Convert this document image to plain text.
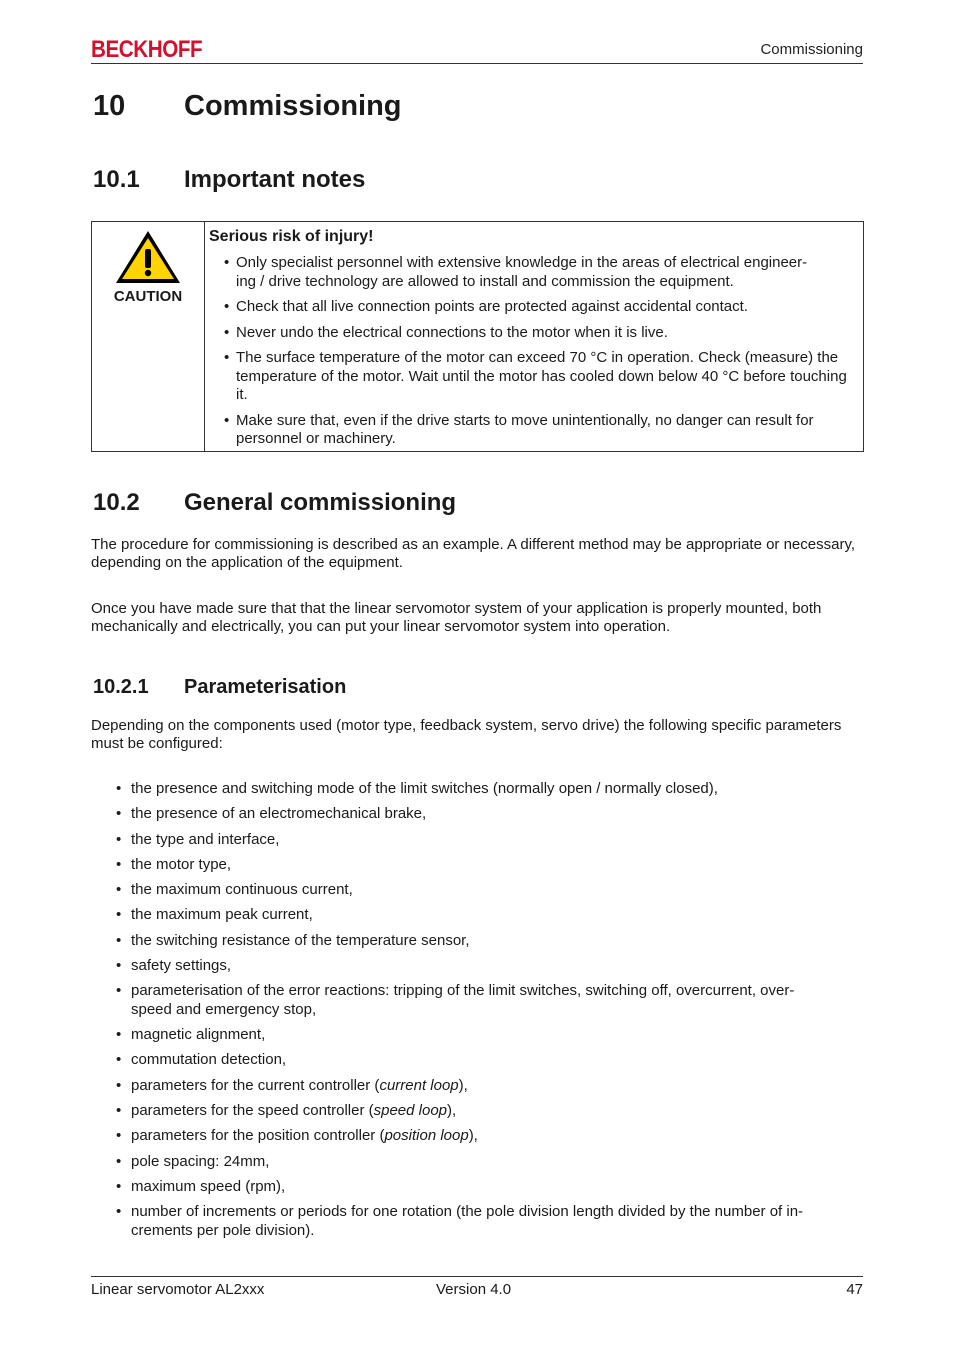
BECKHOFF	Commissioning
10 Commissioning
10.1 Important notes
CAUTION
Serious risk of injury!
• Only specialist personnel with extensive knowledge in the areas of electrical engineer-
ing / drive technology are allowed to install and commission the equipment.
• Check that all live connection points are protected against accidental contact.
• Never undo the electrical connections to the motor when it is live.
• The surface temperature of the motor can exceed 70 °C in operation. Check (measure) the temperature of the motor. Wait until the motor has cooled down below 40 °C before touching it.
• Make sure that, even if the drive starts to move unintentionally, no danger can result for personnel or machinery.
10.2 General commissioning
The procedure for commissioning is described as an example. A different method may be appropriate or necessary, depending on the application of the equipment.
Once you have made sure that that the linear servomotor system of your application is properly mounted, both mechanically and electrically, you can put your linear servomotor system into operation.
10.2.1 Parameterisation
Depending on the components used (motor type, feedback system, servo drive) the following specific parameters must be configured:
• the presence and switching mode of the limit switches (normally open / normally closed),
• the presence of an electromechanical brake,
• the type and interface,
• the motor type,
• the maximum continuous current,
• the maximum peak current,
• the switching resistance of the temperature sensor,
• safety settings,
• parameterisation of the error reactions: tripping of the limit switches, switching off, overcurrent, over-
speed and emergency stop,
• magnetic alignment,
• commutation detection,
• parameters for the current controller (current loop),
• parameters for the speed controller (speed loop),
• parameters for the position controller (position loop),
• pole spacing: 24mm,
• maximum speed (rpm),
• number of increments or periods for one rotation (the pole division length divided by the number of in-
crements per pole division).
Linear servomotor AL2xxx	Version 4.0	47
